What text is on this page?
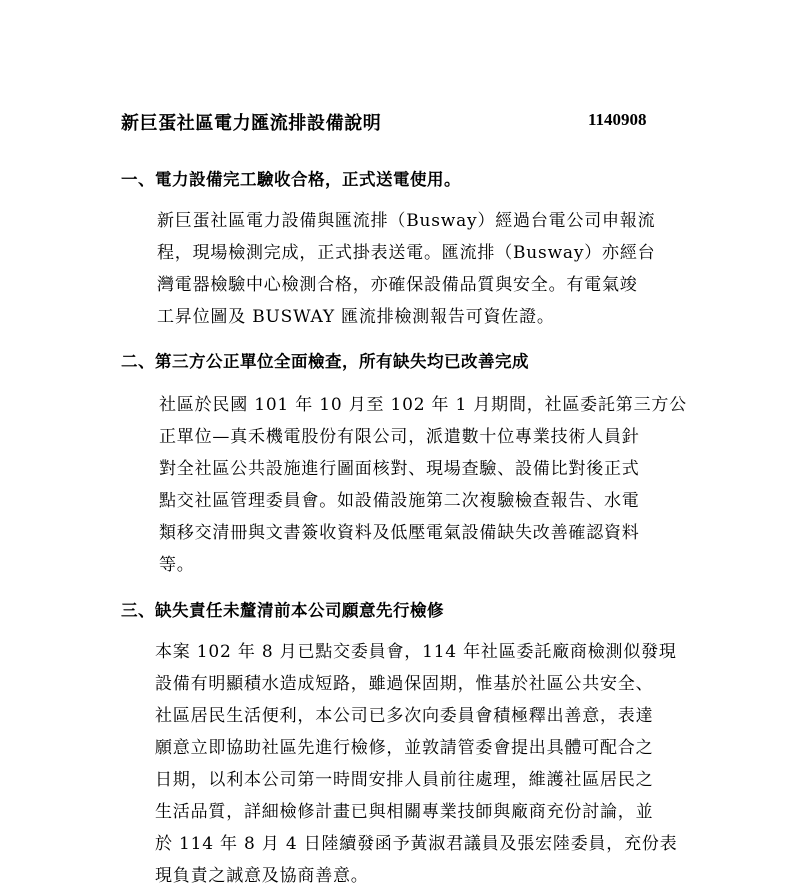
新巨蛋社區電力匯流排設備說明	1140908
一、電力設備完工驗收合格，正式送電使用。
新巨蛋社區電力設備與匯流排（Busway）經過台電公司申報流
程，現場檢測完成，正式掛表送電。匯流排（Busway）亦經台
灣電器檢驗中心檢測合格，亦確保設備品質與安全。有電氣竣
工昇位圖及 BUSWAY 匯流排檢測報告可資佐證。
二、第三方公正單位全面檢查，所有缺失均已改善完成
社區於民國 101 年 10 月至 102 年 1 月期間，社區委託第三方公
正單位—真禾機電股份有限公司，派遣數十位專業技術人員針
對全社區公共設施進行圖面核對、現場查驗、設備比對後正式
點交社區管理委員會。如設備設施第二次複驗檢查報告、水電
類移交清冊與文書簽收資料及低壓電氣設備缺失改善確認資料
等。
三、缺失責任未釐清前本公司願意先行檢修
本案 102 年 8 月已點交委員會，114 年社區委託廠商檢測似發現
設備有明顯積水造成短路，雖過保固期，惟基於社區公共安全、
社區居民生活便利，本公司已多次向委員會積極釋出善意，表達
願意立即協助社區先進行檢修，並敦請管委會提出具體可配合之
日期，以利本公司第一時間安排人員前往處理，維護社區居民之
生活品質，詳細檢修計畫已與相關專業技師與廠商充份討論，並
於 114 年 8 月 4 日陸續發函予黃淑君議員及張宏陸委員，充份表
現負責之誠意及協商善意。
